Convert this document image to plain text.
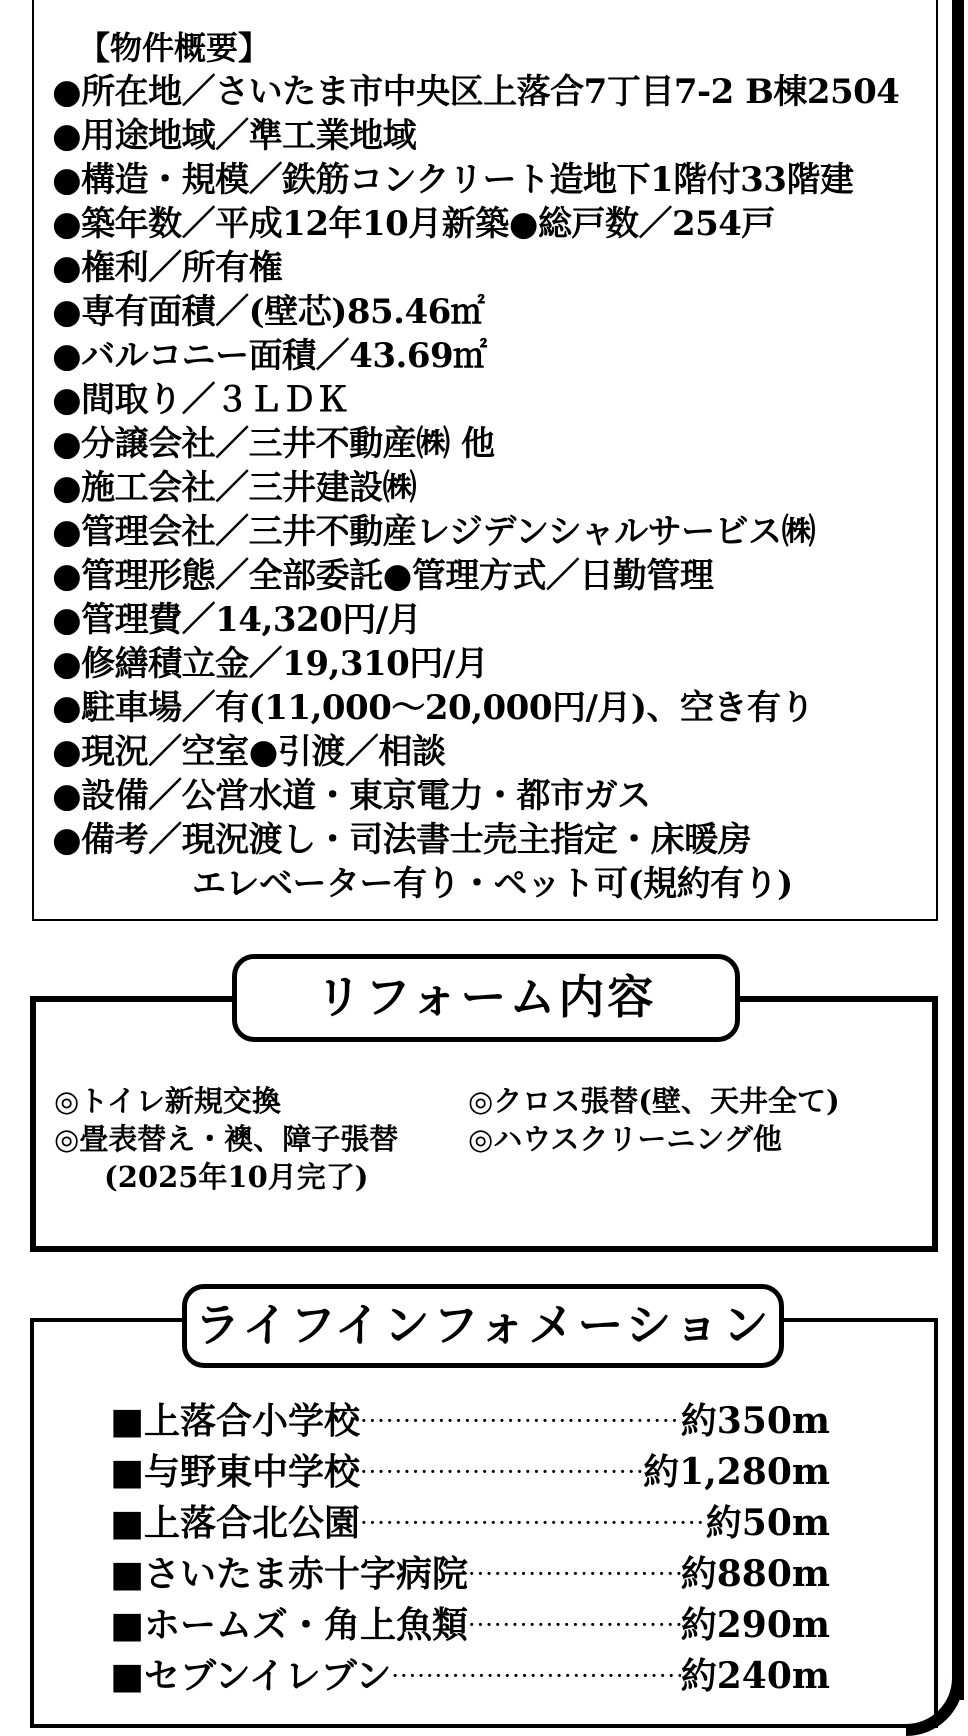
【物件概要】
●所在地／さいたま市中央区上落合7丁目7-2 B棟2504
●用途地域／準工業地域
●構造・規模／鉄筋コンクリート造地下1階付33階建
●築年数／平成12年10月新築●総戸数／254戸
●権利／所有権
●専有面積／(壁芯)85.46㎡
●バルコニー面積／43.69㎡
●間取り／３ＬＤＫ
●分譲会社／三井不動産㈱ 他
●施工会社／三井建設㈱
●管理会社／三井不動産レジデンシャルサービス㈱
●管理形態／全部委託●管理方式／日勤管理
●管理費／14,320円/月
●修繕積立金／19,310円/月
●駐車場／有(11,000～20,000円/月)、空き有り
●現況／空室●引渡／相談
●設備／公営水道・東京電力・都市ガス
●備考／現況渡し・司法書士売主指定・床暖房
エレベーター有り・ペット可(規約有り)
リフォーム内容
◎トイレ新規交換	◎クロス張替(壁、天井全て)
◎畳表替え・襖、障子張替	◎ハウスクリーニング他
(2025年10月完了)
ライフインフォメーション
■上落合小学校 ·····	約350m
■与野東中学校 ·····	約1,280m
■上落合北公園 ·····	約50m
■さいたま赤十字病院 ·····	約880m
■ホームズ・角上魚類 ·····	約290m
■セブンイレブン ·····	約240m
